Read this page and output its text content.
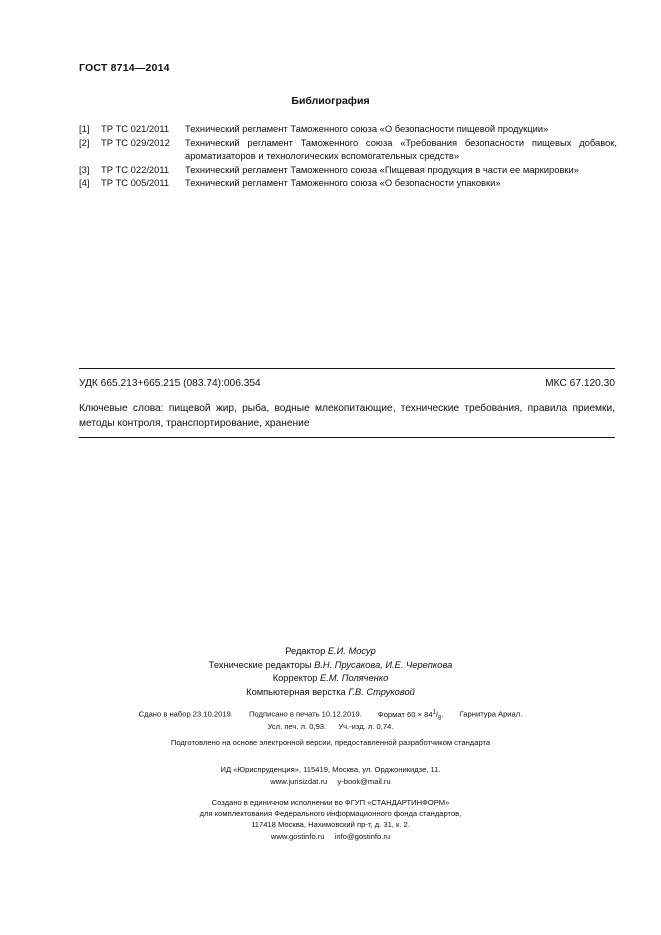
ГОСТ 8714—2014
Библиография
[1]	ТР ТС 021/2011	Технический регламент Таможенного союза «О безопасности пищевой продукции»
[2]	ТР ТС 029/2012	Технический регламент Таможенного союза «Требования безопасности пищевых добавок, ароматизаторов и технологических вспомогательных средств»
[3]	ТР ТС 022/2011	Технический регламент Таможенного союза «Пищевая продукция в части ее маркировки»
[4]	ТР ТС 005/2011	Технический регламент Таможенного союза «О безопасности упаковки»
УДК 665.213+665.215 (083.74):006.354	МКС 67.120.30
Ключевые слова: пищевой жир, рыба, водные млекопитающие, технические требования, правила приемки, методы контроля, транспортирование, хранение
Редактор Е.И. Мосур
Технические редакторы В.Н. Прусакова, И.Е. Черепкова
Корректор Е.М. Поляченко
Компьютерная верстка Г.В. Струковой
Сдано в набор 23.10.2019. Подписано в печать 10.12.2019. Формат $60 \times 84^1/_8$. Гарнитура Ариал.
Усл. печ. л. 0,93. Уч.-изд. л. 0,74.
Подготовлено на основе электронной версии, предоставленной разработчиком стандарта
ИД «Юриспруденция», 115419, Москва, ул. Орджоникидзе, 11.
www.jurisizdat.ru y-book@mail.ru
Создано в единичном исполнении во ФГУП «СТАНДАРТИНФОРМ»
для комплектования Федерального информационного фонда стандартов,
117418 Москва, Нахимовский пр-т, д. 31, к. 2.
www.gostinfo.ru info@gostinfo.ru
